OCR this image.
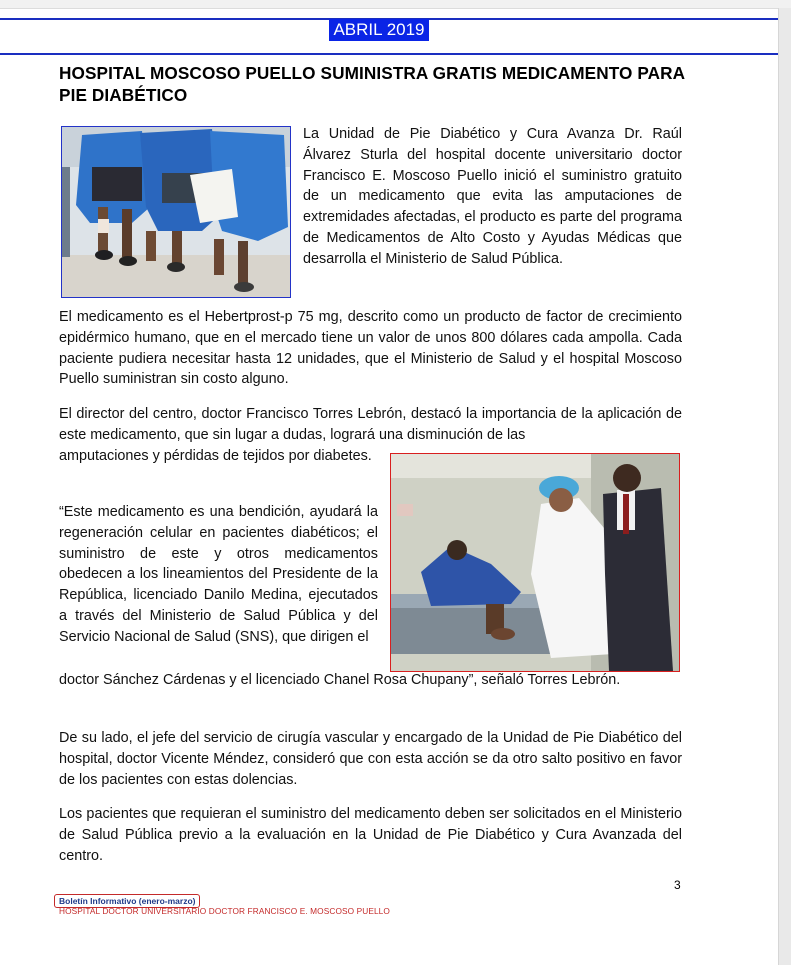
ABRIL 2019
HOSPITAL MOSCOSO PUELLO SUMINISTRA GRATIS MEDICAMENTO PARA PIE DIABÉTICO

La Unidad de Pie Diabético y Cura Avanza Dr. Raúl Álvarez Sturla del hospital docente universitario doctor Francisco E. Moscoso Puello inició el suministro gratuito de un medicamento que evita las amputaciones de extremidades afectadas, el producto es parte del programa de Medicamentos de Alto Costo y Ayudas Médicas que desarrolla el Ministerio de Salud Pública.

El medicamento es el Hebertprost-p 75 mg, descrito como un producto de factor de crecimiento epidérmico humano, que en el mercado tiene un valor de unos 800 dólares cada ampolla. Cada paciente pudiera necesitar hasta 12 unidades, que el Ministerio de Salud y el hospital Moscoso Puello suministran sin costo alguno.

El director del centro, doctor Francisco Torres Lebrón, destacó la importancia de la aplicación de este medicamento, que sin lugar a dudas, logrará una disminución de las

amputaciones y pérdidas de tejidos por diabetes.

“Este medicamento es una bendición, ayudará la regeneración celular en pacientes diabéticos; el suministro de este y otros medicamentos obedecen a los lineamientos del Presidente de la República, licenciado Danilo Medina, ejecutados a través del Ministerio de Salud Pública y del Servicio Nacional de Salud (SNS), que dirigen el

doctor Sánchez Cárdenas y el licenciado Chanel Rosa Chupany”, señaló Torres Lebrón.

De su lado, el jefe del servicio de cirugía vascular y encargado de la Unidad de Pie Diabético del hospital, doctor Vicente Méndez, consideró que con esta acción se da otro salto positivo en favor de los pacientes con estas dolencias.

Los pacientes que requieran el suministro del medicamento deben ser solicitados en el Ministerio de Salud Pública previo a la evaluación en la Unidad de Pie Diabético y Cura Avanzada del centro.

3
Boletín Informativo (enero-marzo)
HOSPITAL DOCTOR UNIVERSITARIO DOCTOR FRANCISCO E. MOSCOSO PUELLO
